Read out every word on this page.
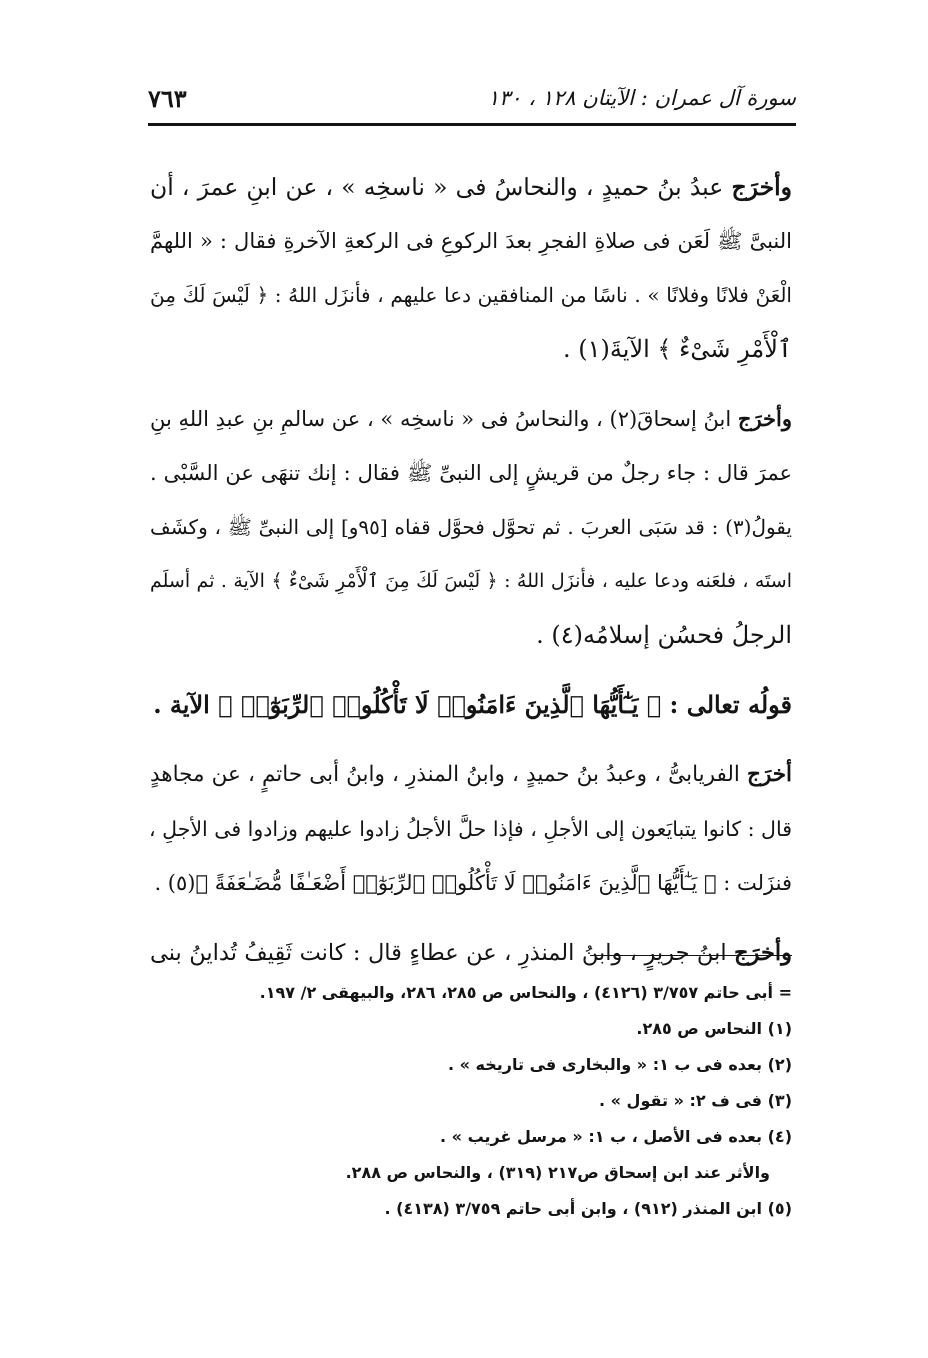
سورة آل عمران : الآيتان ١٢٨ ، ١٣٠
٧٦٣
وأخرَج عبدُ بنُ حميدٍ ، والنحاسُ فى « ناسخِه » ، عن ابنِ عمرَ ، أن
النبىَّ ﷺ لَعَن فى صلاةِ الفجرِ بعدَ الركوعِ فى الركعةِ الآخرةِ فقال : « اللهمَّ
الْعَنْ فلانًا وفلانًا » . ناسًا من المنافقين دعا عليهم ، فأنزَل اللهُ : ﴿ لَيْسَ لَكَ مِنَ
ٱلْأَمْرِ شَىْءٌ ﴾ الآيةَ(١) .
وأخرَج ابنُ إسحاقَ(٢) ، والنحاسُ فى « ناسخِه » ، عن سالمِ بنِ عبدِ اللهِ بنِ
عمرَ قال : جاء رجلٌ من قريشٍ إلى النبىِّ ﷺ فقال : إنك تنهَى عن السَّبْى .
يقولُ(٣) : قد سَبَى العربَ . ثم تحوَّل فحوَّل قفاه [٩٥و] إلى النبىِّ ﷺ ، وكشَف
استَه ، فلعَنه ودعا عليه ، فأنزَل اللهُ : ﴿ لَيْسَ لَكَ مِنَ ٱلْأَمْرِ شَىْءٌ ﴾ الآية . ثم أسلَم
الرجلُ فحسُن إسلامُه(٤) .
قولُه تعالى : ﴿ يَـٰٓأَيُّهَا ٱلَّذِينَ ءَامَنُوا۟ لَا تَأْكُلُوا۟ ٱلرِّبَوٰٓا۟ ﴾ الآية .
أخرَج الفريابىُّ ، وعبدُ بنُ حميدٍ ، وابنُ المنذرِ ، وابنُ أبى حاتمٍ ، عن مجاهدٍ
قال : كانوا يتبايَعون إلى الأجلِ ، فإذا حلَّ الأجلُ زادوا عليهم وزادوا فى الأجلِ ،
فنزَلت : ﴿ يَـٰٓأَيُّهَا ٱلَّذِينَ ءَامَنُوا۟ لَا تَأْكُلُوا۟ ٱلرِّبَوٰٓا۟ أَضْعَـٰفًا مُّضَـٰعَفَةً ﴾(٥) .
وأخرَج ابنُ جريرٍ ، وابنُ المنذرِ ، عن عطاءٍ قال : كانت ثَقِيفُ تُداينُ بنى
= أبى حاتم ٣/٧٥٧ (٤١٢٦) ، والنحاس ص ٢٨٥، ٢٨٦، والبيهقى ٢/ ١٩٧.
(١) النحاس ص ٢٨٥.
(٢) بعده فى ب ١: « والبخارى فى تاريخه » .
(٣) فى ف ٢: « تقول » .
(٤) بعده فى الأصل ، ب ١: « مرسل غريب » .
والأثر عند ابن إسحاق ص٢١٧ (٣١٩) ، والنحاس ص ٢٨٨.
(٥) ابن المنذر (٩١٢) ، وابن أبى حاتم ٣/٧٥٩ (٤١٣٨) .
